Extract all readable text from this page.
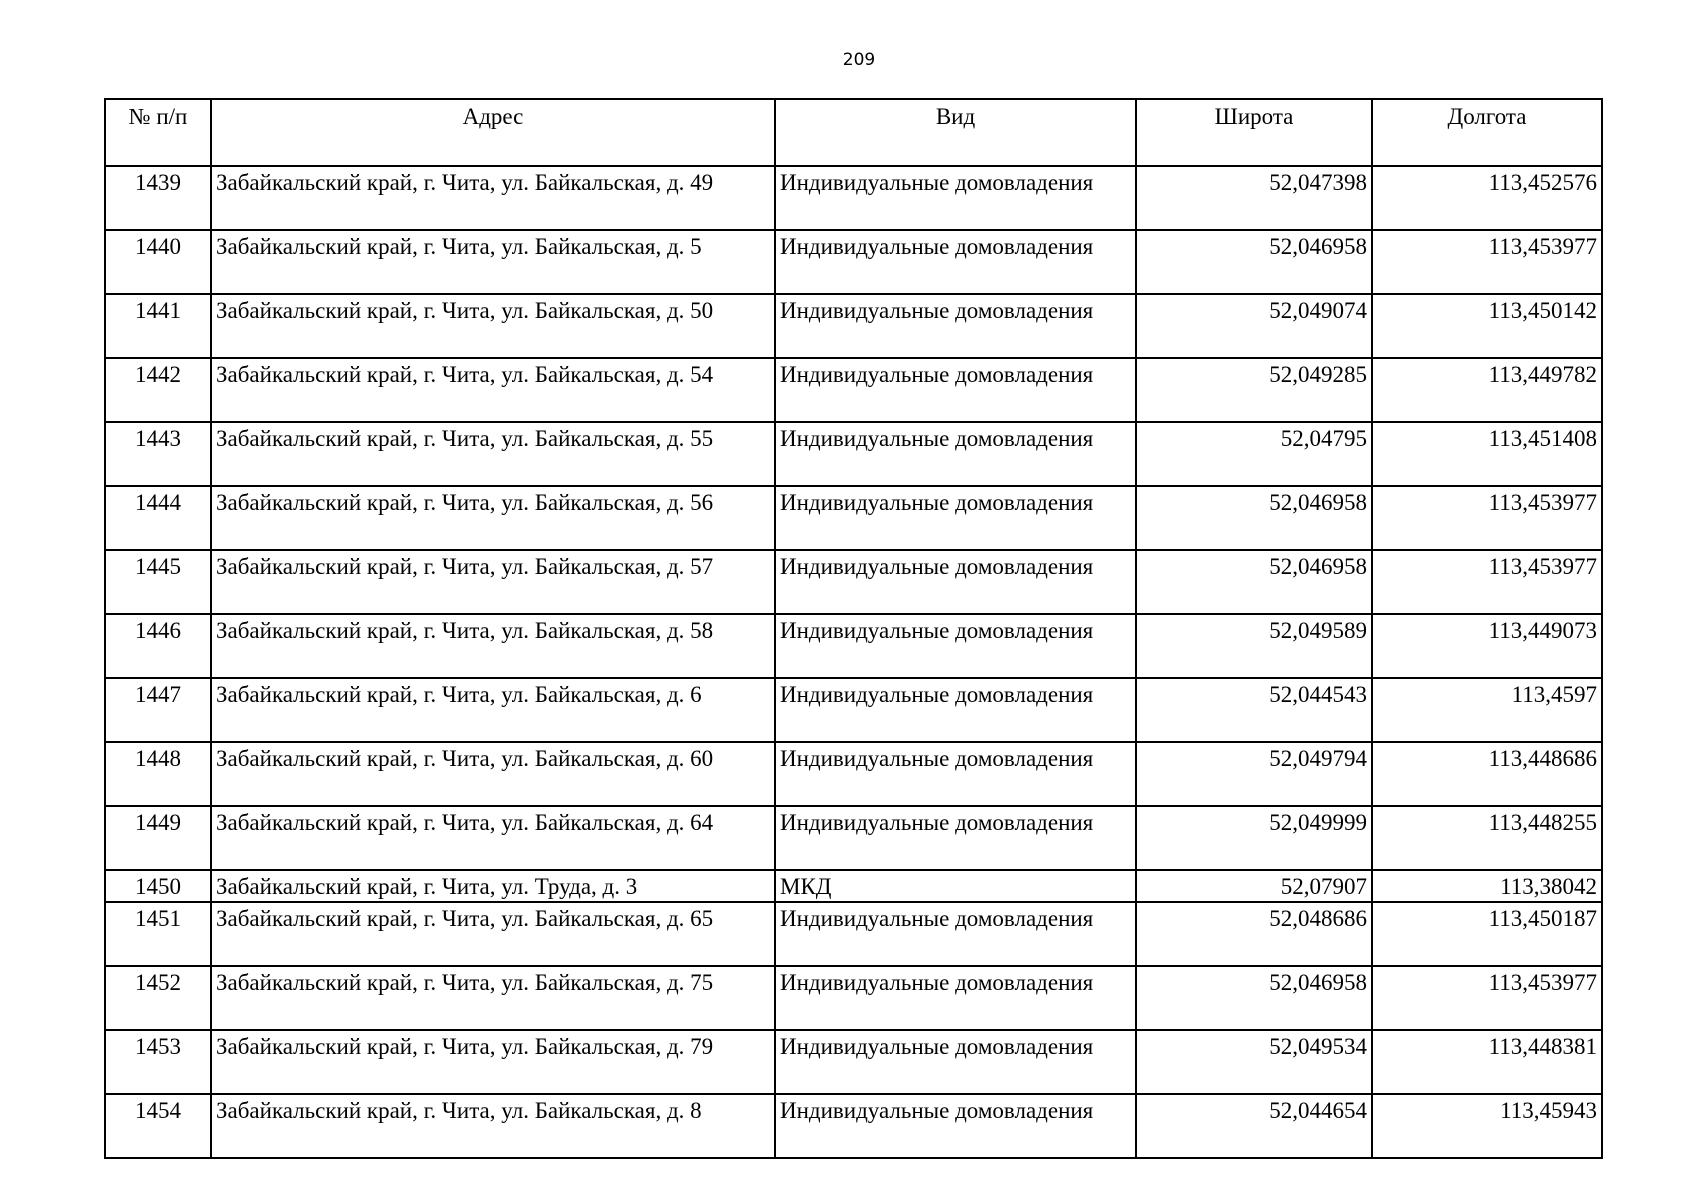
209
№ п/п	Адрес	Вид	Широта	Долгота
1439	Забайкальский край, г. Чита, ул. Байкальская, д. 49	Индивидуальные домовладения	52,047398	113,452576
1440	Забайкальский край, г. Чита, ул. Байкальская, д. 5	Индивидуальные домовладения	52,046958	113,453977
1441	Забайкальский край, г. Чита, ул. Байкальская, д. 50	Индивидуальные домовладения	52,049074	113,450142
1442	Забайкальский край, г. Чита, ул. Байкальская, д. 54	Индивидуальные домовладения	52,049285	113,449782
1443	Забайкальский край, г. Чита, ул. Байкальская, д. 55	Индивидуальные домовладения	52,04795	113,451408
1444	Забайкальский край, г. Чита, ул. Байкальская, д. 56	Индивидуальные домовладения	52,046958	113,453977
1445	Забайкальский край, г. Чита, ул. Байкальская, д. 57	Индивидуальные домовладения	52,046958	113,453977
1446	Забайкальский край, г. Чита, ул. Байкальская, д. 58	Индивидуальные домовладения	52,049589	113,449073
1447	Забайкальский край, г. Чита, ул. Байкальская, д. 6	Индивидуальные домовладения	52,044543	113,4597
1448	Забайкальский край, г. Чита, ул. Байкальская, д. 60	Индивидуальные домовладения	52,049794	113,448686
1449	Забайкальский край, г. Чита, ул. Байкальская, д. 64	Индивидуальные домовладения	52,049999	113,448255
1450	Забайкальский край, г. Чита, ул. Труда, д. 3	МКД	52,07907	113,38042
1451	Забайкальский край, г. Чита, ул. Байкальская, д. 65	Индивидуальные домовладения	52,048686	113,450187
1452	Забайкальский край, г. Чита, ул. Байкальская, д. 75	Индивидуальные домовладения	52,046958	113,453977
1453	Забайкальский край, г. Чита, ул. Байкальская, д. 79	Индивидуальные домовладения	52,049534	113,448381
1454	Забайкальский край, г. Чита, ул. Байкальская, д. 8	Индивидуальные домовладения	52,044654	113,45943
